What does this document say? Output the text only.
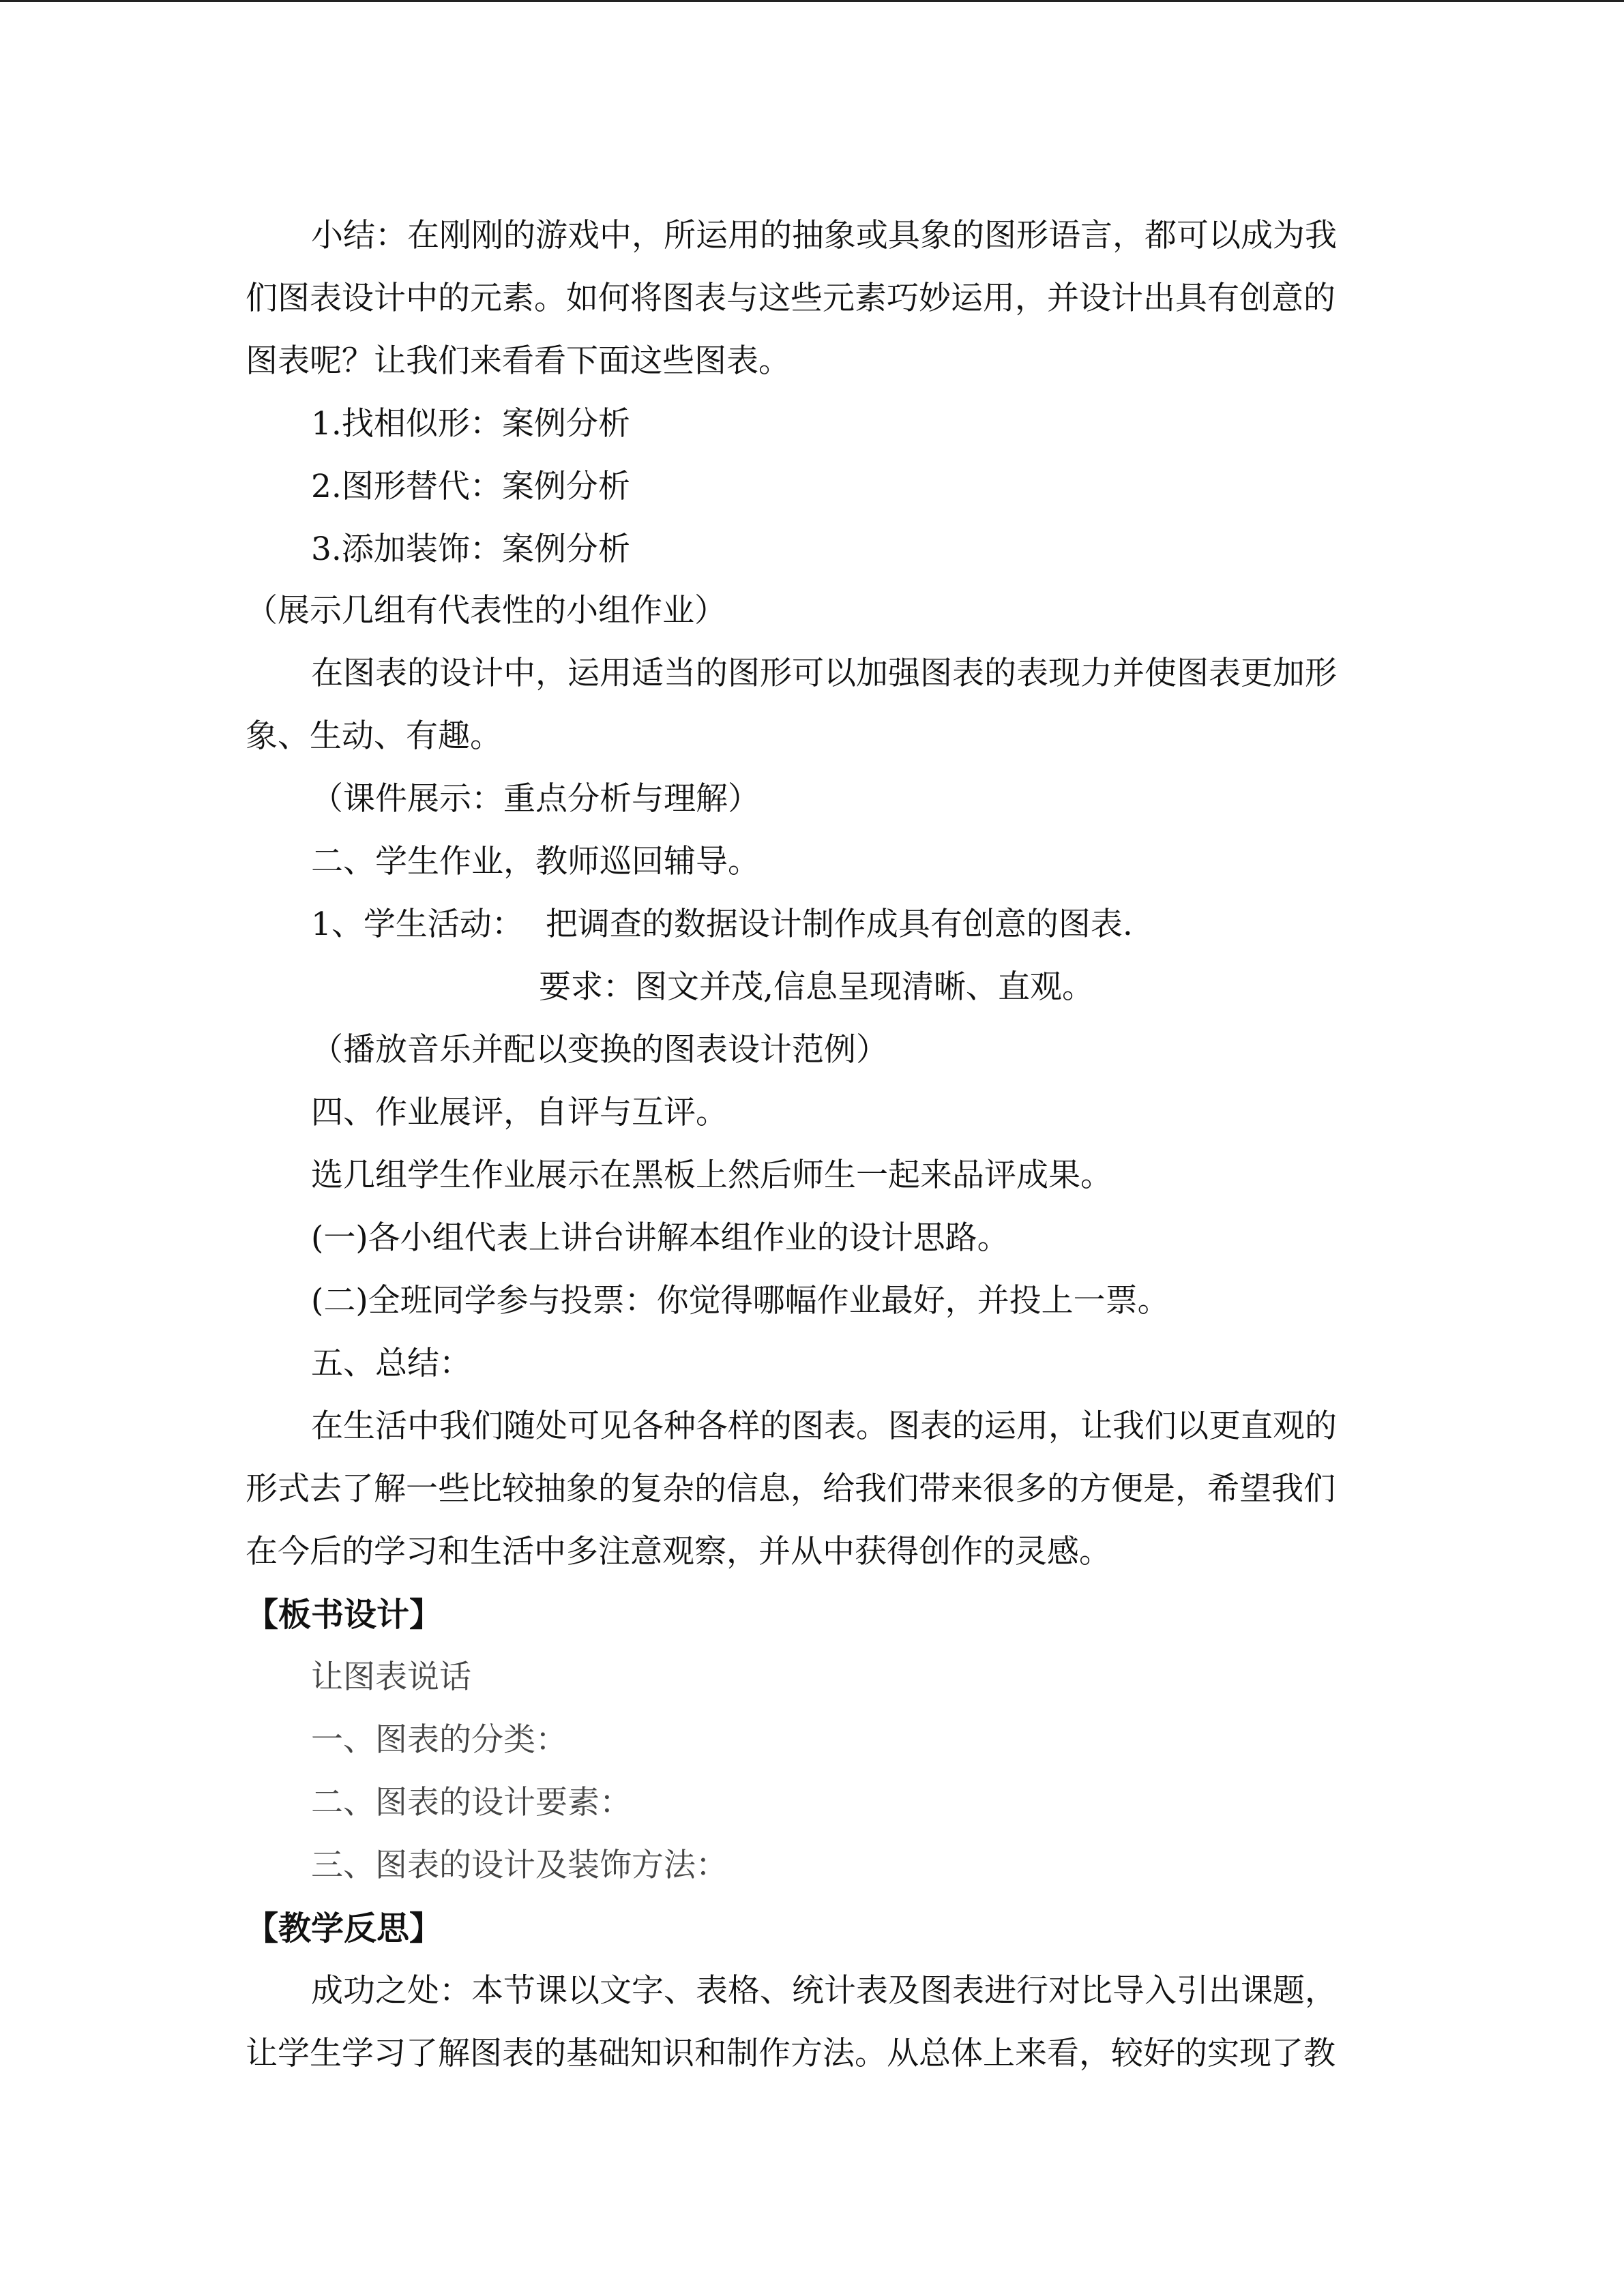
小结：在刚刚的游戏中，所运用的抽象或具象的图形语言，都可以成为我
们图表设计中的元素。如何将图表与这些元素巧妙运用，并设计出具有创意的
图表呢？让我们来看看下面这些图表。
1.找相似形：案例分析
2.图形替代：案例分析
3.添加装饰：案例分析
（展示几组有代表性的小组作业）
在图表的设计中，运用适当的图形可以加强图表的表现力并使图表更加形
象、生动、有趣。
（课件展示：重点分析与理解）
二、学生作业，教师巡回辅导。
1、学生活动： 把调查的数据设计制作成具有创意的图表.
要求：图文并茂,信息呈现清晰、直观。
（播放音乐并配以变换的图表设计范例）
四、作业展评，自评与互评。
选几组学生作业展示在黑板上然后师生一起来品评成果。
(一)各小组代表上讲台讲解本组作业的设计思路。
(二)全班同学参与投票：你觉得哪幅作业最好，并投上一票。
五、总结：
在生活中我们随处可见各种各样的图表。图表的运用，让我们以更直观的
形式去了解一些比较抽象的复杂的信息，给我们带来很多的方便是，希望我们
在今后的学习和生活中多注意观察，并从中获得创作的灵感。
【板书设计】
让图表说话
一、图表的分类：
二、图表的设计要素：
三、图表的设计及装饰方法：
【教学反思】
成功之处：本节课以文字、表格、统计表及图表进行对比导入引出课题，
让学生学习了解图表的基础知识和制作方法。从总体上来看，较好的实现了教
